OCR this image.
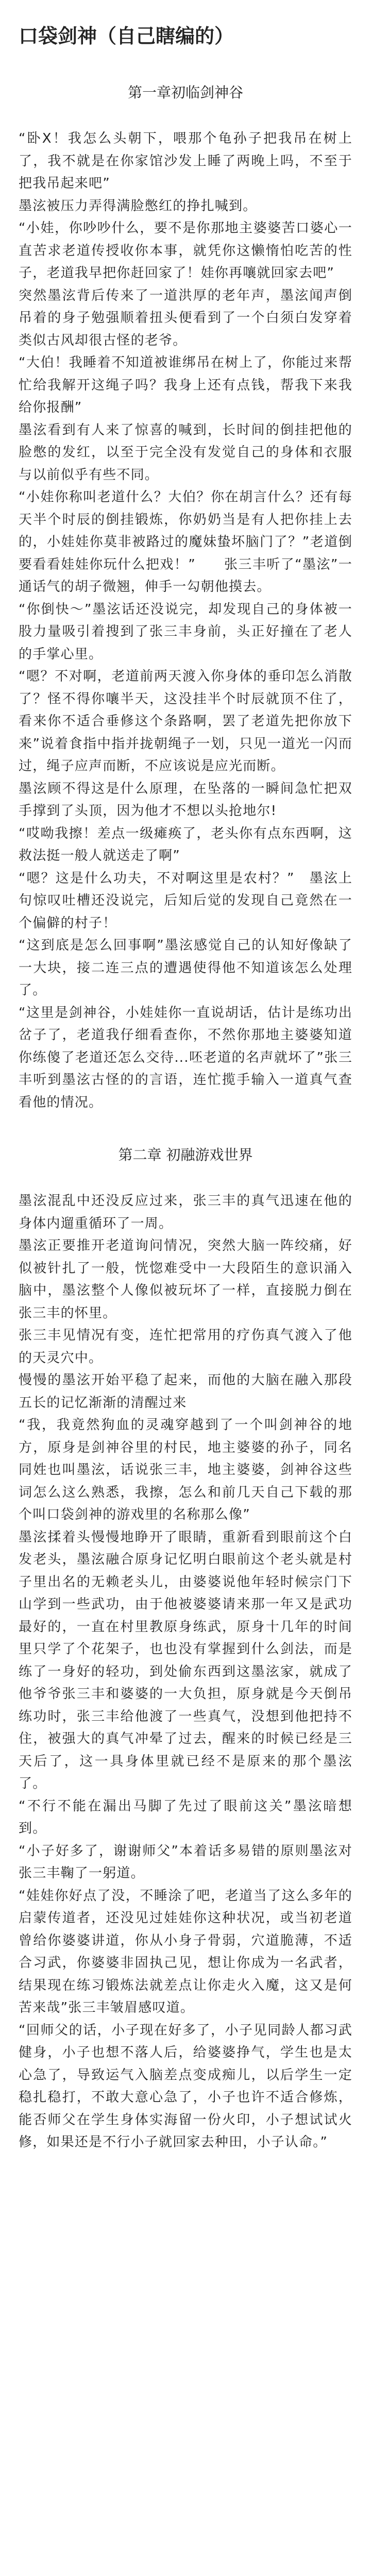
口袋剑神（自己瞎编的）
第一章初临剑神谷

“卧X！我怎么头朝下，喂那个龟孙子把我吊在树上了，我不就是在你家馆沙发上睡了两晚上吗，不至于把我吊起来吧”

墨泫被压力弄得满脸憋红的挣扎喊到。

“小娃，你吵吵什么，要不是你那地主婆婆苦口婆心一直苦求老道传授收你本事，就凭你这懒惰怕吃苦的性子，老道我早把你赶回家了！娃你再嚷就回家去吧”

突然墨泫背后传来了一道洪厚的老年声，墨泫闻声倒吊着的身子勉强顺着扭头便看到了一个白须白发穿着类似古风却很古怪的老爷。

“大伯！我睡着不知道被谁绑吊在树上了，你能过来帮忙给我解开这绳子吗？我身上还有点钱，帮我下来我给你报酬”

墨泫看到有人来了惊喜的喊到，长时间的倒挂把他的脸憋的发红，以至于完全没有发觉自己的身体和衣服与以前似乎有些不同。

“小娃你称叫老道什么？大伯？你在胡言什么？还有每天半个时辰的倒挂锻炼，你奶奶当是有人把你挂上去的，小娃娃你莫非被路过的魔妹蛰坏脑门了？”老道倒要看看娃娃你玩什么把戏！”　　张三丰听了“墨泫”一通话气的胡子微翘，伸手一勾朝他摸去。

“你倒快～”墨泫话还没说完，却发现自己的身体被一股力量吸引着搜到了张三丰身前，头正好撞在了老人的手掌心里。

“嗯？不对啊，老道前两天渡入你身体的垂印怎么消散了？怪不得你嚷半天，这没挂半个时辰就顶不住了，看来你不适合垂修这个条路啊，罢了老道先把你放下来”说着食指中指并拢朝绳子一划，只见一道光一闪而过，绳子应声而断，不应该说是应光而断。

墨泫顾不得这是什么原理，在坠落的一瞬间急忙把双手撑到了头顶，因为他才不想以头抢地尔!

“哎呦我擦！差点一级瘫痪了，老头你有点东西啊，这救法挺一般人就送走了啊”

“嗯？这是什么功夫，不对啊这里是农村？”　墨泫上句惊叹吐槽还没说完，后知后觉的发现自己竟然在一个偏僻的村子！

“这到底是怎么回事啊”墨泫感觉自己的认知好像缺了一大块，接二连三点的遭遇使得他不知道该怎么处理了。

“这里是剑神谷，小娃娃你一直说胡话，估计是练功出岔子了，老道我仔细看查你，不然你那地主婆婆知道你练傻了老道还怎么交待...呸老道的名声就坏了”张三丰听到墨泫古怪的的言语，连忙揽手输入一道真气查看他的情况。

第二章 初融游戏世界

墨泫混乱中还没反应过来，张三丰的真气迅速在他的身体内遛重循环了一周。

墨泫正要推开老道询问情况，突然大脑一阵绞痛，好似被针扎了一般，恍惚难受中一大段陌生的意识涌入脑中，墨泫整个人像似被玩坏了一样，直接脱力倒在张三丰的怀里。

张三丰见情况有变，连忙把常用的疗伤真气渡入了他的天灵穴中。

慢慢的墨泫开始平稳了起来，而他的大脑在融入那段五长的记忆渐渐的清醒过来

“我，我竟然狗血的灵魂穿越到了一个叫剑神谷的地方，原身是剑神谷里的村民，地主婆婆的孙子，同名同姓也叫墨泫，话说张三丰，地主婆婆，剑神谷这些词怎么这么熟悉，我擦，怎么和前几天自己下载的那个叫口袋剑神的游戏里的名称那么像”

墨泫揉着头慢慢地睁开了眼睛，重新看到眼前这个白发老头，墨泫融合原身记忆明白眼前这个老头就是村子里出名的无赖老头儿，由婆婆说他年轻时候宗门下山学到一些武功，由于他被婆婆请来那一年又是武功最好的，一直在村里教原身练武，原身十几年的时间里只学了个花架子，也也没有掌握到什么剑法，而是练了一身好的轻功，到处偷东西到这墨泫家，就成了他爷爷张三丰和婆婆的一大负担，原身就是今天倒吊练功时，张三丰给他渡了一些真气，没想到他把持不住，被强大的真气冲晕了过去，醒来的时候已经是三天后了，这一具身体里就已经不是原来的那个墨泫了。

“不行不能在漏出马脚了先过了眼前这关”墨泫暗想到。

“小子好多了，谢谢师父”本着话多易错的原则墨泫对张三丰鞠了一躬道。

“娃娃你好点了没，不睡涂了吧，老道当了这么多年的启蒙传道者，还没见过娃娃你这种状况，或当初老道曾给你婆婆讲道，你从小身子骨弱，穴道脆薄，不适合习武，你婆婆非固执己见，想让你成为一名武者，结果现在练习锻炼法就差点让你走火入魔，这又是何苦来哉”张三丰皱眉感叹道。

“回师父的话，小子现在好多了，小子见同龄人都习武健身，小子也想不落人后，给婆婆挣气，学生也是太心急了，导致运气入脑差点变成痴儿，以后学生一定稳扎稳打，不敢大意心急了，小子也许不适合修炼，能否师父在学生身体实海留一份火印，小子想试试火修，如果还是不行小子就回家去种田，小子认命。”
